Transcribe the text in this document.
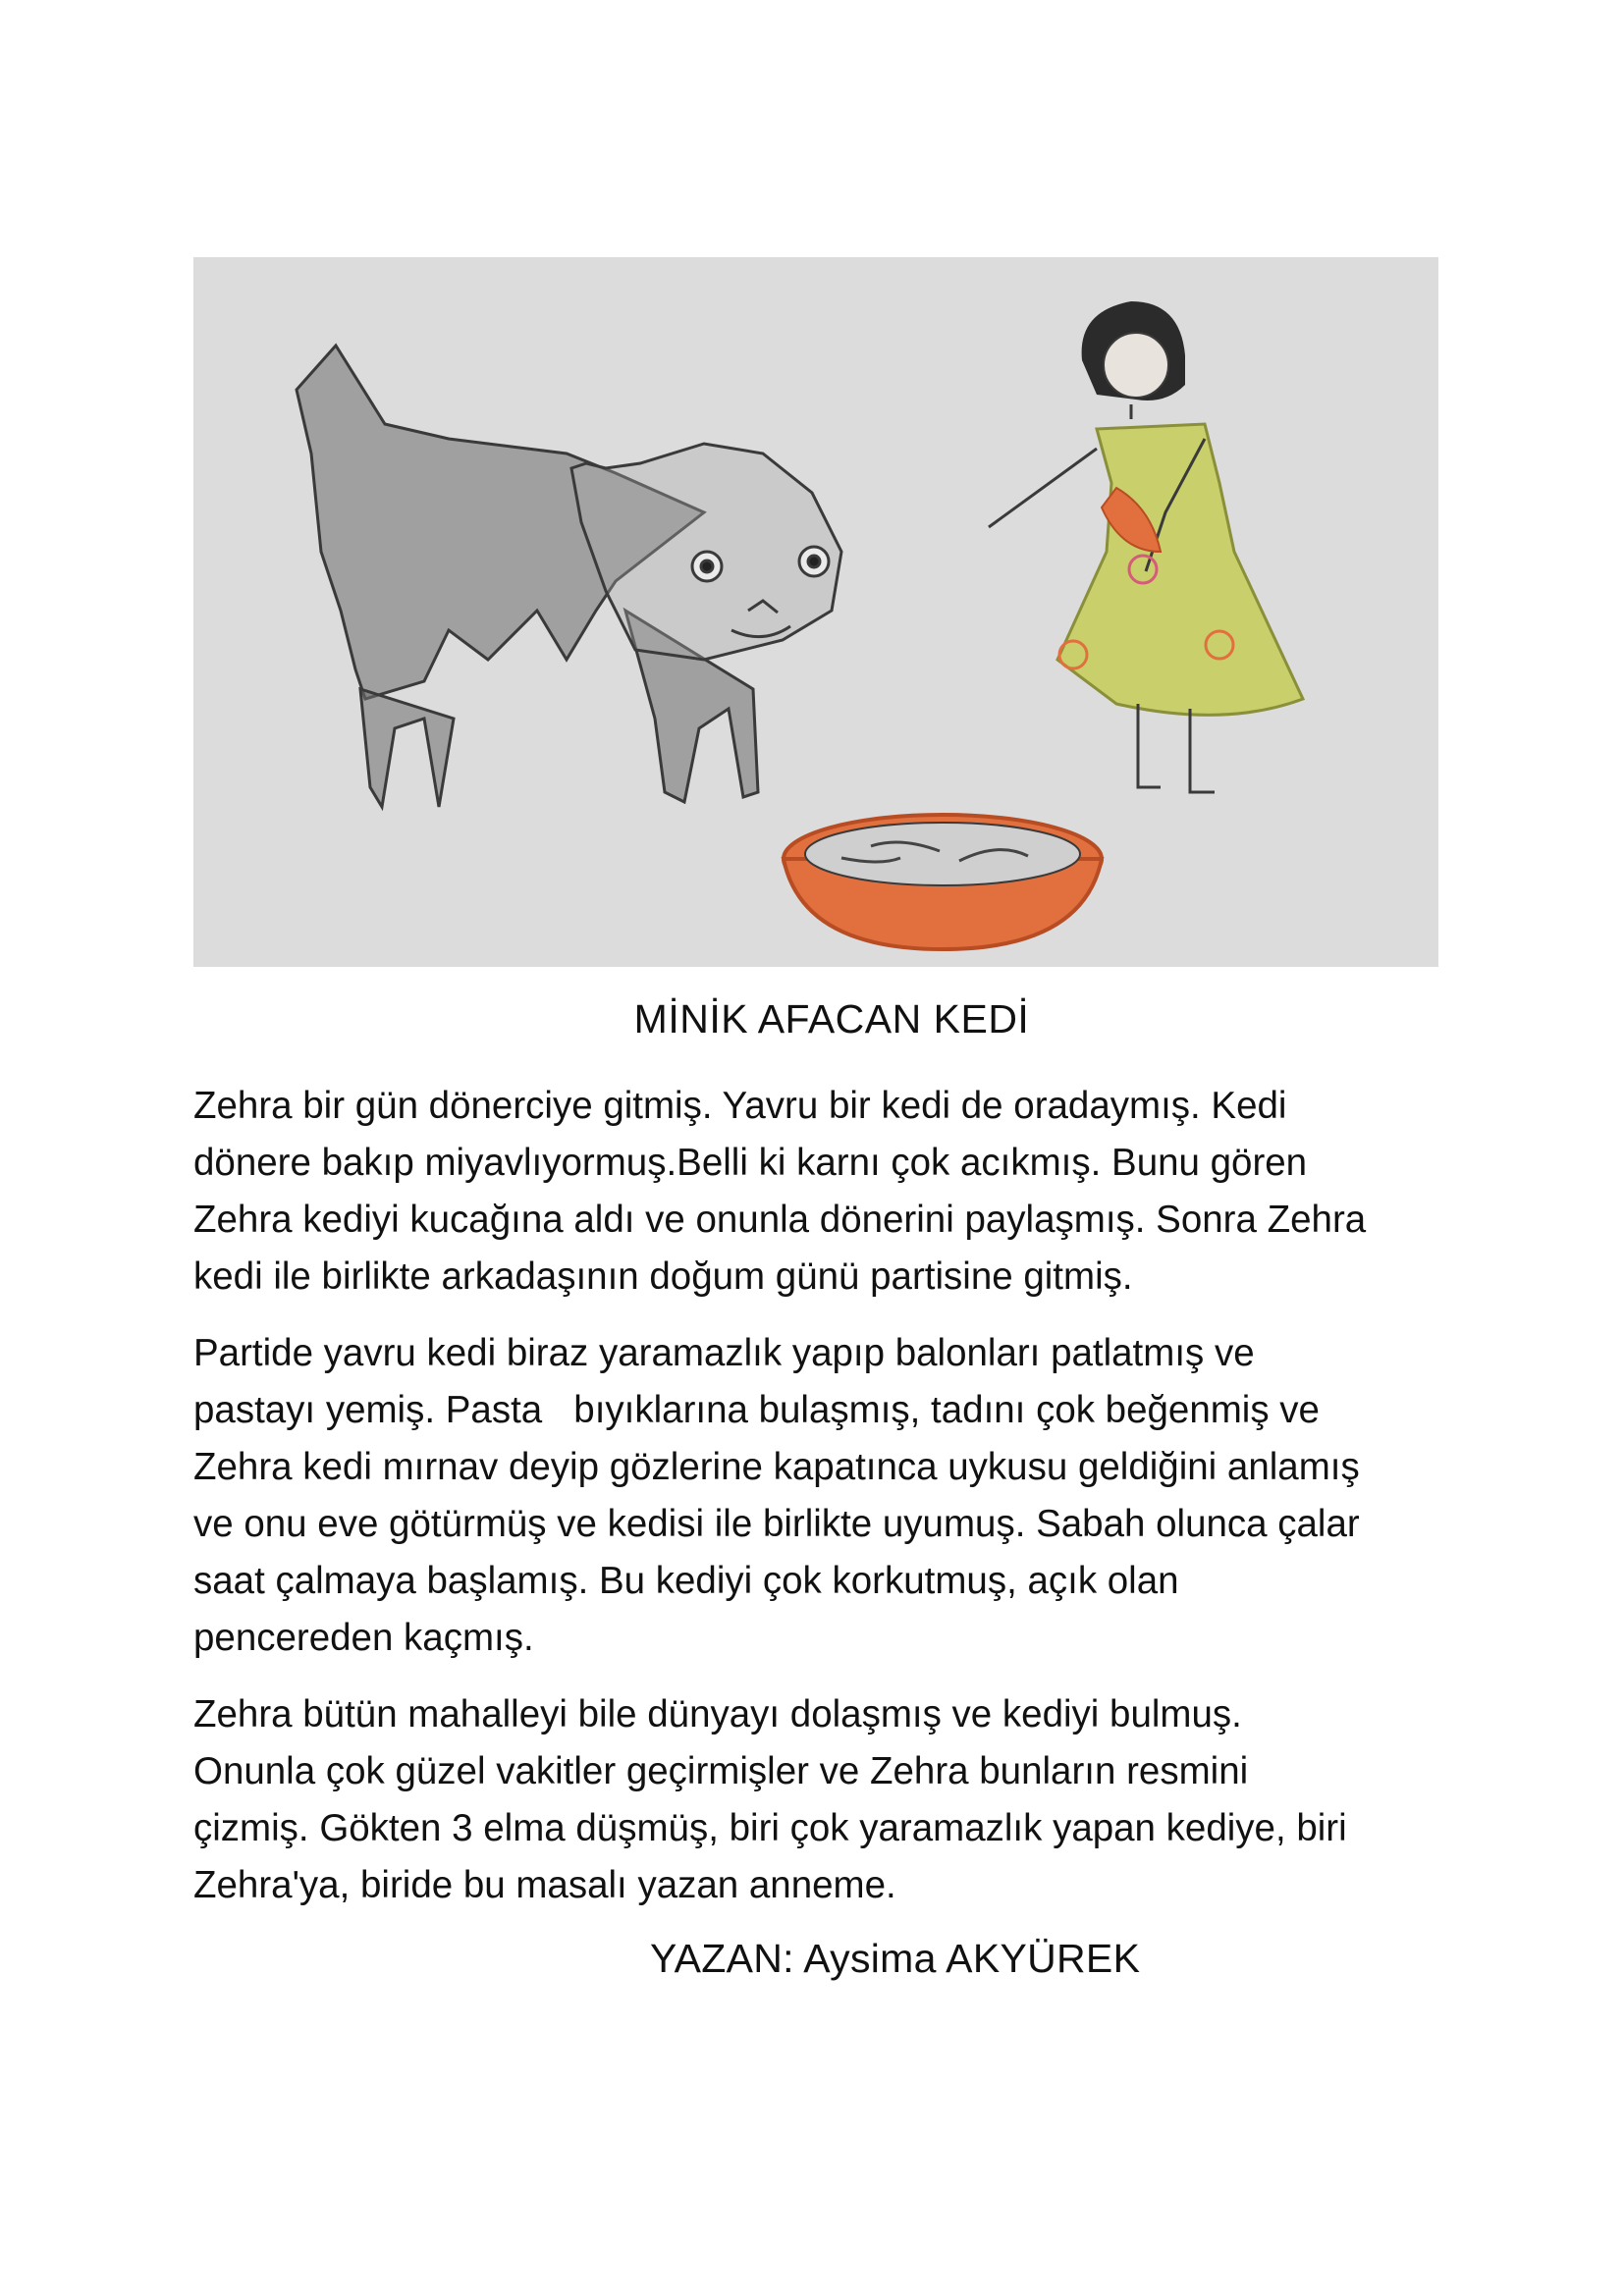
MİNİK AFACAN KEDİ

Zehra bir gün dönerciye gitmiş. Yavru bir kedi de oradaymış. Kedi
dönere bakıp miyavlıyormuş.Belli ki karnı çok acıkmış. Bunu gören
Zehra kediyi kucağına aldı ve onunla dönerini paylaşmış. Sonra Zehra
kedi ile birlikte arkadaşının doğum günü partisine gitmiş.

Partide yavru kedi biraz yaramazlık yapıp balonları patlatmış ve
pastayı yemiş. Pasta   bıyıklarına bulaşmış, tadını çok beğenmiş ve
Zehra kedi mırnav deyip gözlerine kapatınca uykusu geldiğini anlamış
ve onu eve götürmüş ve kedisi ile birlikte uyumuş. Sabah olunca çalar
saat çalmaya başlamış. Bu kediyi çok korkutmuş, açık olan
pencereden kaçmış.

Zehra bütün mahalleyi bile dünyayı dolaşmış ve kediyi bulmuş.
Onunla çok güzel vakitler geçirmişler ve Zehra bunların resmini
çizmiş. Gökten 3 elma düşmüş, biri çok yaramazlık yapan kediye, biri
Zehra'ya, biride bu masalı yazan anneme.

YAZAN: Aysima AKYÜREK
